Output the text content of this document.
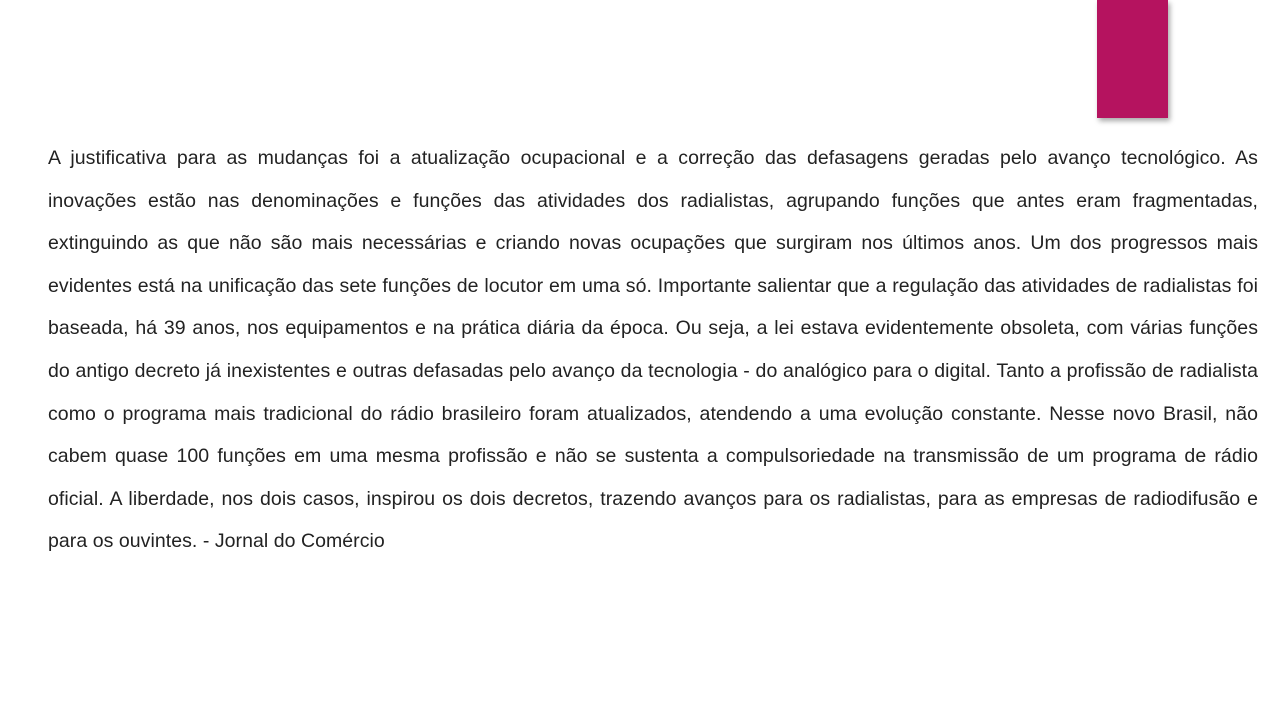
A justificativa para as mudanças foi a atualização ocupacional e a correção das defasagens geradas pelo avanço tecnológico. As inovações estão nas denominações e funções das atividades dos radialistas, agrupando funções que antes eram fragmentadas, extinguindo as que não são mais necessárias e criando novas ocupações que surgiram nos últimos anos. Um dos progressos mais evidentes está na unificação das sete funções de locutor em uma só. Importante salientar que a regulação das atividades de radialistas foi baseada, há 39 anos, nos equipamentos e na prática diária da época. Ou seja, a lei estava evidentemente obsoleta, com várias funções do antigo decreto já inexistentes e outras defasadas pelo avanço da tecnologia - do analógico para o digital. Tanto a profissão de radialista como o programa mais tradicional do rádio brasileiro foram atualizados, atendendo a uma evolução constante. Nesse novo Brasil, não cabem quase 100 funções em uma mesma profissão e não se sustenta a compulsoriedade na transmissão de um programa de rádio oficial. A liberdade, nos dois casos, inspirou os dois decretos, trazendo avanços para os radialistas, para as empresas de radiodifusão e para os ouvintes. - Jornal do Comércio
